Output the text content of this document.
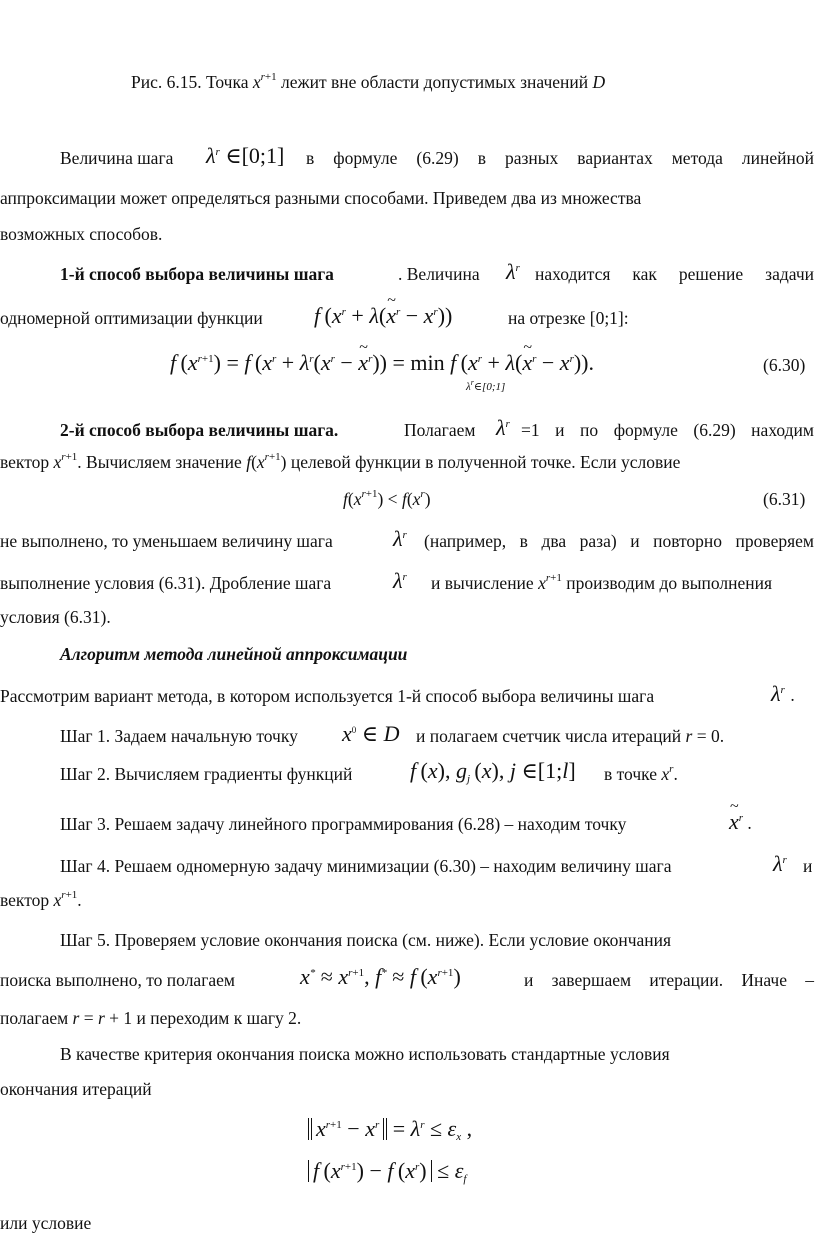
Рис. 6.15. Точка $x^{r+1}$ лежит вне области допустимых значений D
Величина шага $\lambda^r$ ∈[0;1] в формуле (6.29) в разных вариантах метода линейной
аппроксимации может определяться разными способами. Приведем два из множества
возможных способов.
1-й способ выбора величины шага	. Величина $\lambda^r$ находится как решение задачи
одномерной оптимизации функции f ($x^r$ + λ(~ $x^r - x^r$))	на отрезке [0;1]:
f $(x^{r+1}) = f$ ($x^r + \lambda^r(x^r$ − ~ $x^r)) = \min f$ ($x^r$ + λ(~ $x^r - x^r$)).
$\lambda^r\in[0;1]$
(6.30)
2-й способ выбора величины шага.	Полагаем $\lambda^r =1$ и по формуле (6.29) находим
вектор $x^{r+1}$. Вычисляем значение $f(x^{r+1})$ целевой функции в полученной точке. Если условие
$f(x^{r+1}) < f(x^r)$	(6.31)
не выполнено, то уменьшаем величину шага	$\lambda^r$ (например, в два раза) и повторно проверяем
выполнение условия (6.31). Дробление шага	$\lambda^r$ и вычисление $x^{r+1}$ производим до выполнения
условия (6.31).
Алгоритм метода линейной аппроксимации
Рассмотрим вариант метода, в котором используется 1-й способ выбора величины шага	$\lambda^r$ .
Шаг 1. Задаем начальную точку $x^0$ ∈ D и полагаем счетчик числа итераций r = 0.
Шаг 2. Вычисляем градиенты функций	f (x), $g_j$  (x), j ∈[1;l] в точке $x^r$.
Шаг 3. Решаем задачу линейного программирования (6.28) – находим точку
~	$x^r$ .
Шаг 4. Решаем одномерную задачу минимизации (6.30) – находим величину шага	$\lambda^r$ и
вектор $x^{r+1}$.
Шаг 5. Проверяем условие окончания поиска (см. ниже). Если условие окончания
поиска выполнено, то полагаем	$x^* \approx x^{r+1}$, f* ≈ f $(x^{r+1})$	и завершаем итерации. Иначе –
полагаем r = r + 1 и переходим к шагу 2.
В качестве критерия окончания поиска можно использовать стандартные условия
окончания итераций
$x^{r+1} - x^r = \lambda^r \le \varepsilon_x$ ,
f $(x^{r+1}) - f$ $(x^r) \le \varepsilon_f$
или условие
